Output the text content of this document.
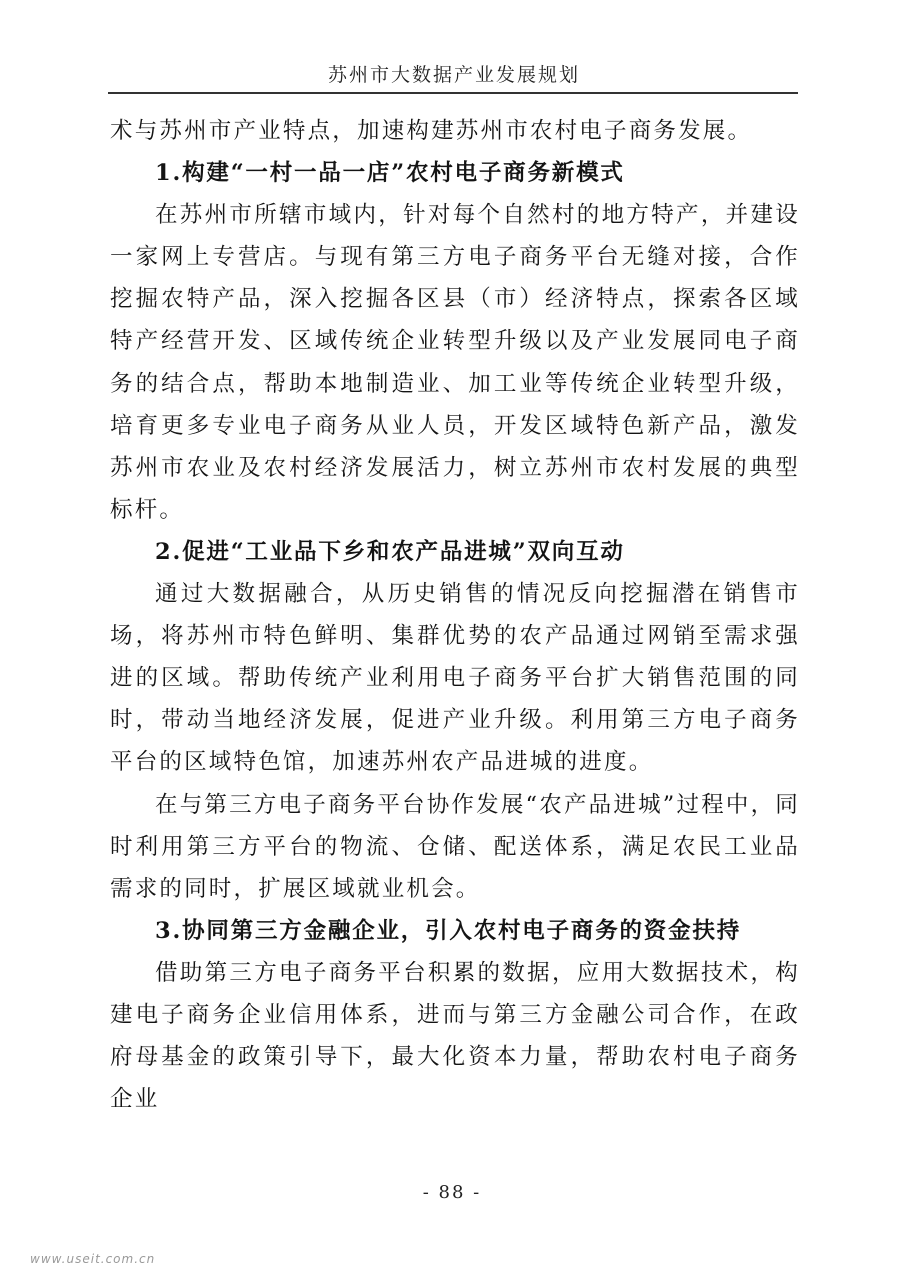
苏州市大数据产业发展规划

术与苏州市产业特点，加速构建苏州市农村电子商务发展。

1.构建“一村一品一店”农村电子商务新模式

在苏州市所辖市域内，针对每个自然村的地方特产，并建设一家网上专营店。与现有第三方电子商务平台无缝对接，合作挖掘农特产品，深入挖掘各区县（市）经济特点，探索各区域特产经营开发、区域传统企业转型升级以及产业发展同电子商务的结合点，帮助本地制造业、加工业等传统企业转型升级，培育更多专业电子商务从业人员，开发区域特色新产品，激发苏州市农业及农村经济发展活力，树立苏州市农村发展的典型标杆。

2.促进“工业品下乡和农产品进城”双向互动

通过大数据融合，从历史销售的情况反向挖掘潜在销售市场，将苏州市特色鲜明、集群优势的农产品通过网销至需求强进的区域。帮助传统产业利用电子商务平台扩大销售范围的同时，带动当地经济发展，促进产业升级。利用第三方电子商务平台的区域特色馆，加速苏州农产品进城的进度。

在与第三方电子商务平台协作发展“农产品进城”过程中，同时利用第三方平台的物流、仓储、配送体系，满足农民工业品需求的同时，扩展区域就业机会。

3.协同第三方金融企业，引入农村电子商务的资金扶持

借助第三方电子商务平台积累的数据，应用大数据技术，构建电子商务企业信用体系，进而与第三方金融公司合作，在政府母基金的政策引导下，最大化资本力量，帮助农村电子商务企业

- 88 -
www.useit.com.cn
